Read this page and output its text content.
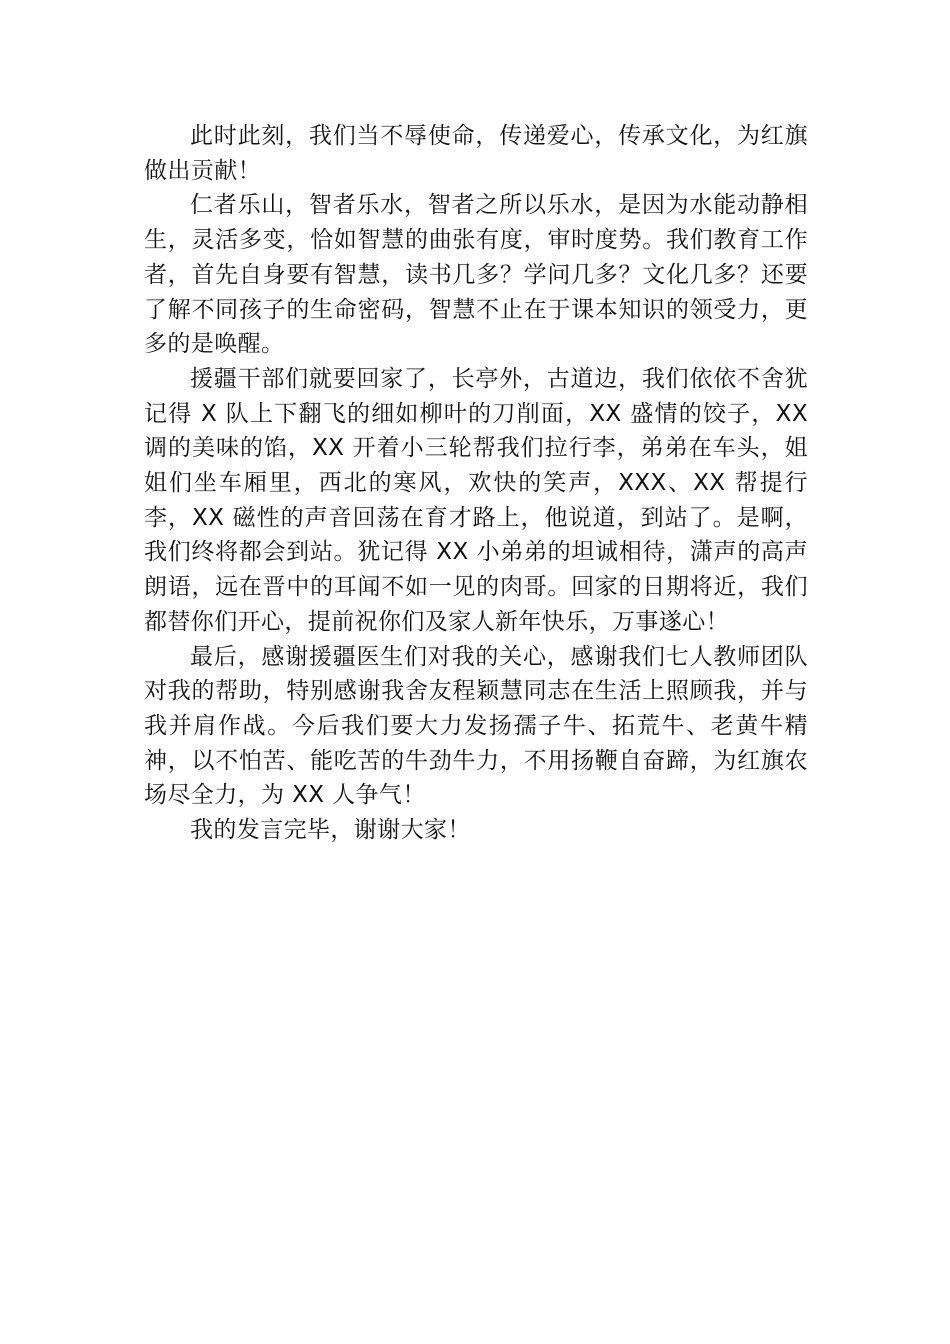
此时此刻，我们当不辱使命，传递爱心，传承文化，为红旗做出贡献！

仁者乐山，智者乐水，智者之所以乐水，是因为水能动静相生，灵活多变，恰如智慧的曲张有度，审时度势。我们教育工作者，首先自身要有智慧，读书几多？学问几多？文化几多？还要了解不同孩子的生命密码，智慧不止在于课本知识的领受力，更多的是唤醒。

援疆干部们就要回家了，长亭外，古道边，我们依依不舍犹记得 X 队上下翻飞的细如柳叶的刀削面，XX 盛情的饺子，XX 调的美味的馅，XX 开着小三轮帮我们拉行李，弟弟在车头，姐姐们坐车厢里，西北的寒风，欢快的笑声，XXX、XX 帮提行李，XX 磁性的声音回荡在育才路上，他说道，到站了。是啊，我们终将都会到站。犹记得 XX 小弟弟的坦诚相待，潇声的高声朗语，远在晋中的耳闻不如一见的肉哥。回家的日期将近，我们都替你们开心，提前祝你们及家人新年快乐，万事遂心！

最后，感谢援疆医生们对我的关心，感谢我们七人教师团队对我的帮助，特别感谢我舍友程颖慧同志在生活上照顾我，并与我并肩作战。今后我们要大力发扬孺子牛、拓荒牛、老黄牛精神，以不怕苦、能吃苦的牛劲牛力，不用扬鞭自奋蹄，为红旗农场尽全力，为 XX 人争气！

我的发言完毕，谢谢大家！
